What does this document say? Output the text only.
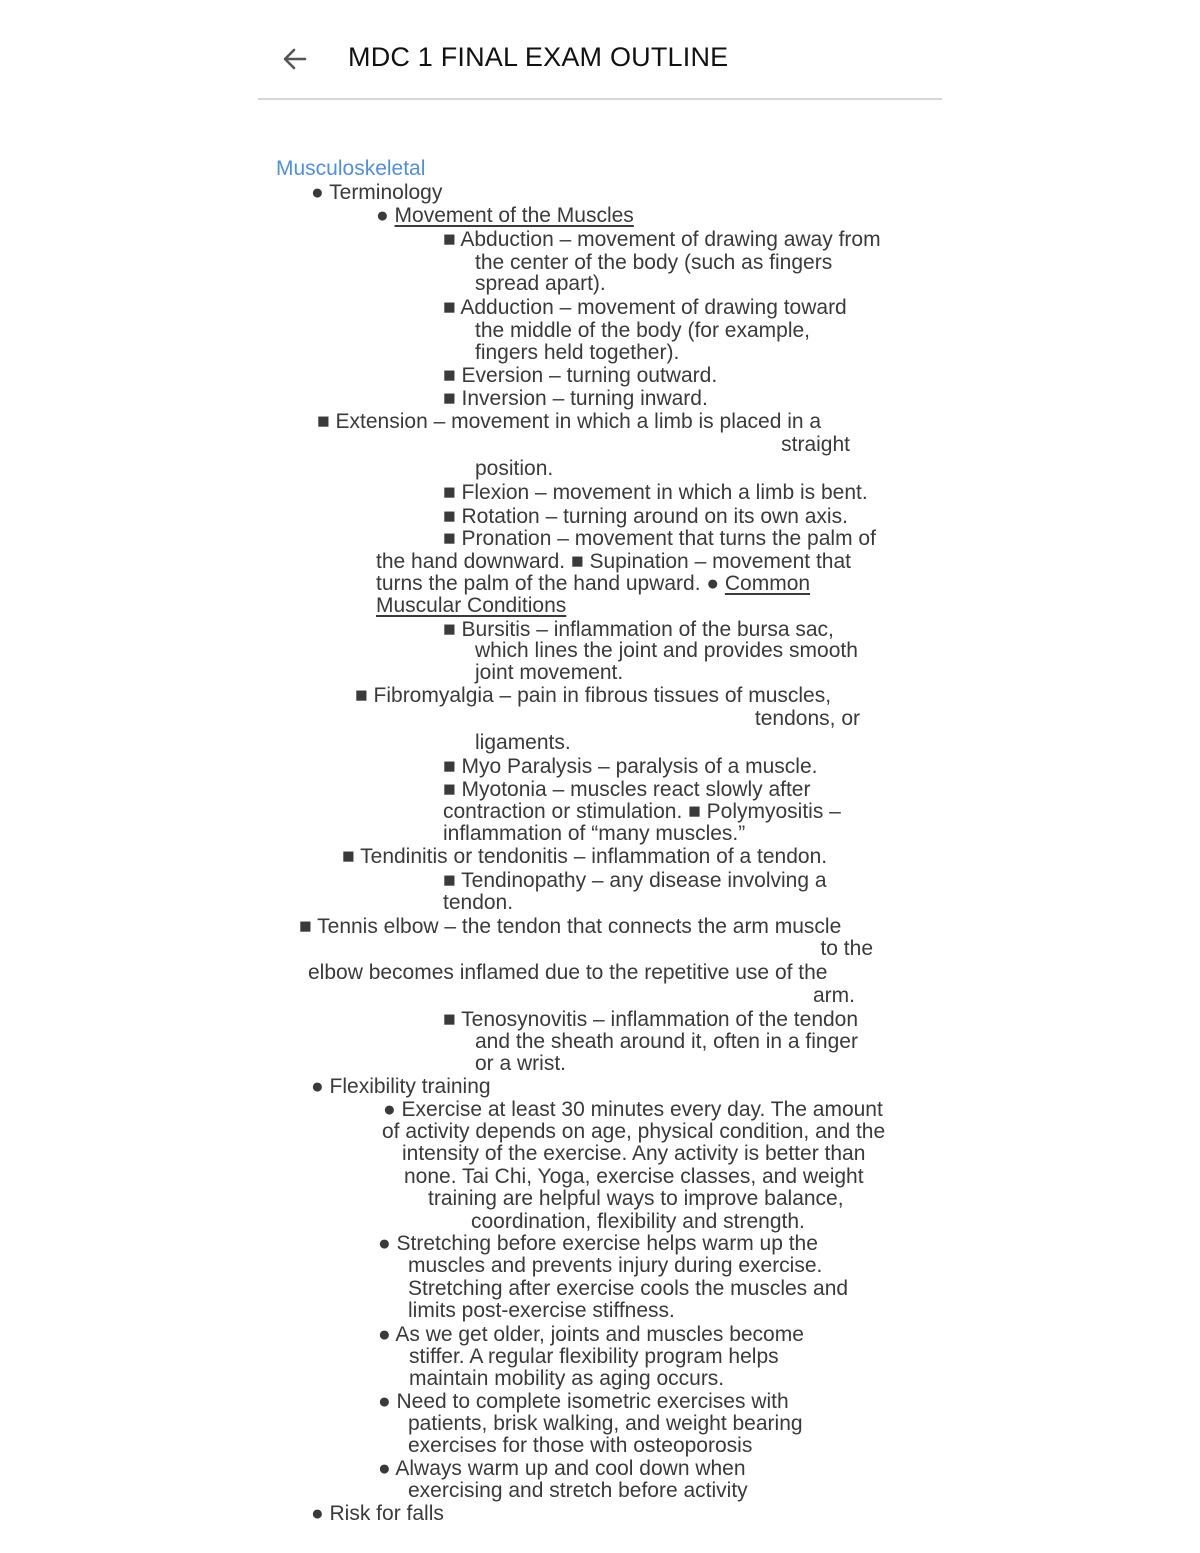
MDC 1 FINAL EXAM OUTLINE
Musculoskeletal
● Terminology
● Movement of the Muscles
■ Abduction – movement of drawing away from
the center of the body (such as fingers
spread apart).
■ Adduction – movement of drawing toward
the middle of the body (for example,
fingers held together).
■ Eversion – turning outward.
■ Inversion – turning inward.
■ Extension – movement in which a limb is placed in a
straight
position.
■ Flexion – movement in which a limb is bent.
■ Rotation – turning around on its own axis.
■ Pronation – movement that turns the palm of
the hand downward. ■ Supination – movement that
turns the palm of the hand upward. ● Common
Muscular Conditions
■ Bursitis – inflammation of the bursa sac,
which lines the joint and provides smooth
joint movement.
■ Fibromyalgia – pain in fibrous tissues of muscles,
tendons, or
ligaments.
■ Myo Paralysis – paralysis of a muscle.
■ Myotonia – muscles react slowly after
contraction or stimulation. ■ Polymyositis –
inflammation of “many muscles.”
■ Tendinitis or tendonitis – inflammation of a tendon.
■ Tendinopathy – any disease involving a
tendon.
■ Tennis elbow – the tendon that connects the arm muscle
to the
elbow becomes inflamed due to the repetitive use of the
arm.
■ Tenosynovitis – inflammation of the tendon
and the sheath around it, often in a finger
or a wrist.
● Flexibility training
● Exercise at least 30 minutes every day. The amount
of activity depends on age, physical condition, and the
intensity of the exercise. Any activity is better than
none. Tai Chi, Yoga, exercise classes, and weight
training are helpful ways to improve balance,
coordination, flexibility and strength.
● Stretching before exercise helps warm up the
muscles and prevents injury during exercise.
Stretching after exercise cools the muscles and
limits post-exercise stiffness.
● As we get older, joints and muscles become
stiffer. A regular flexibility program helps
maintain mobility as aging occurs.
● Need to complete isometric exercises with
patients, brisk walking, and weight bearing
exercises for those with osteoporosis
● Always warm up and cool down when
exercising and stretch before activity
● Risk for falls
